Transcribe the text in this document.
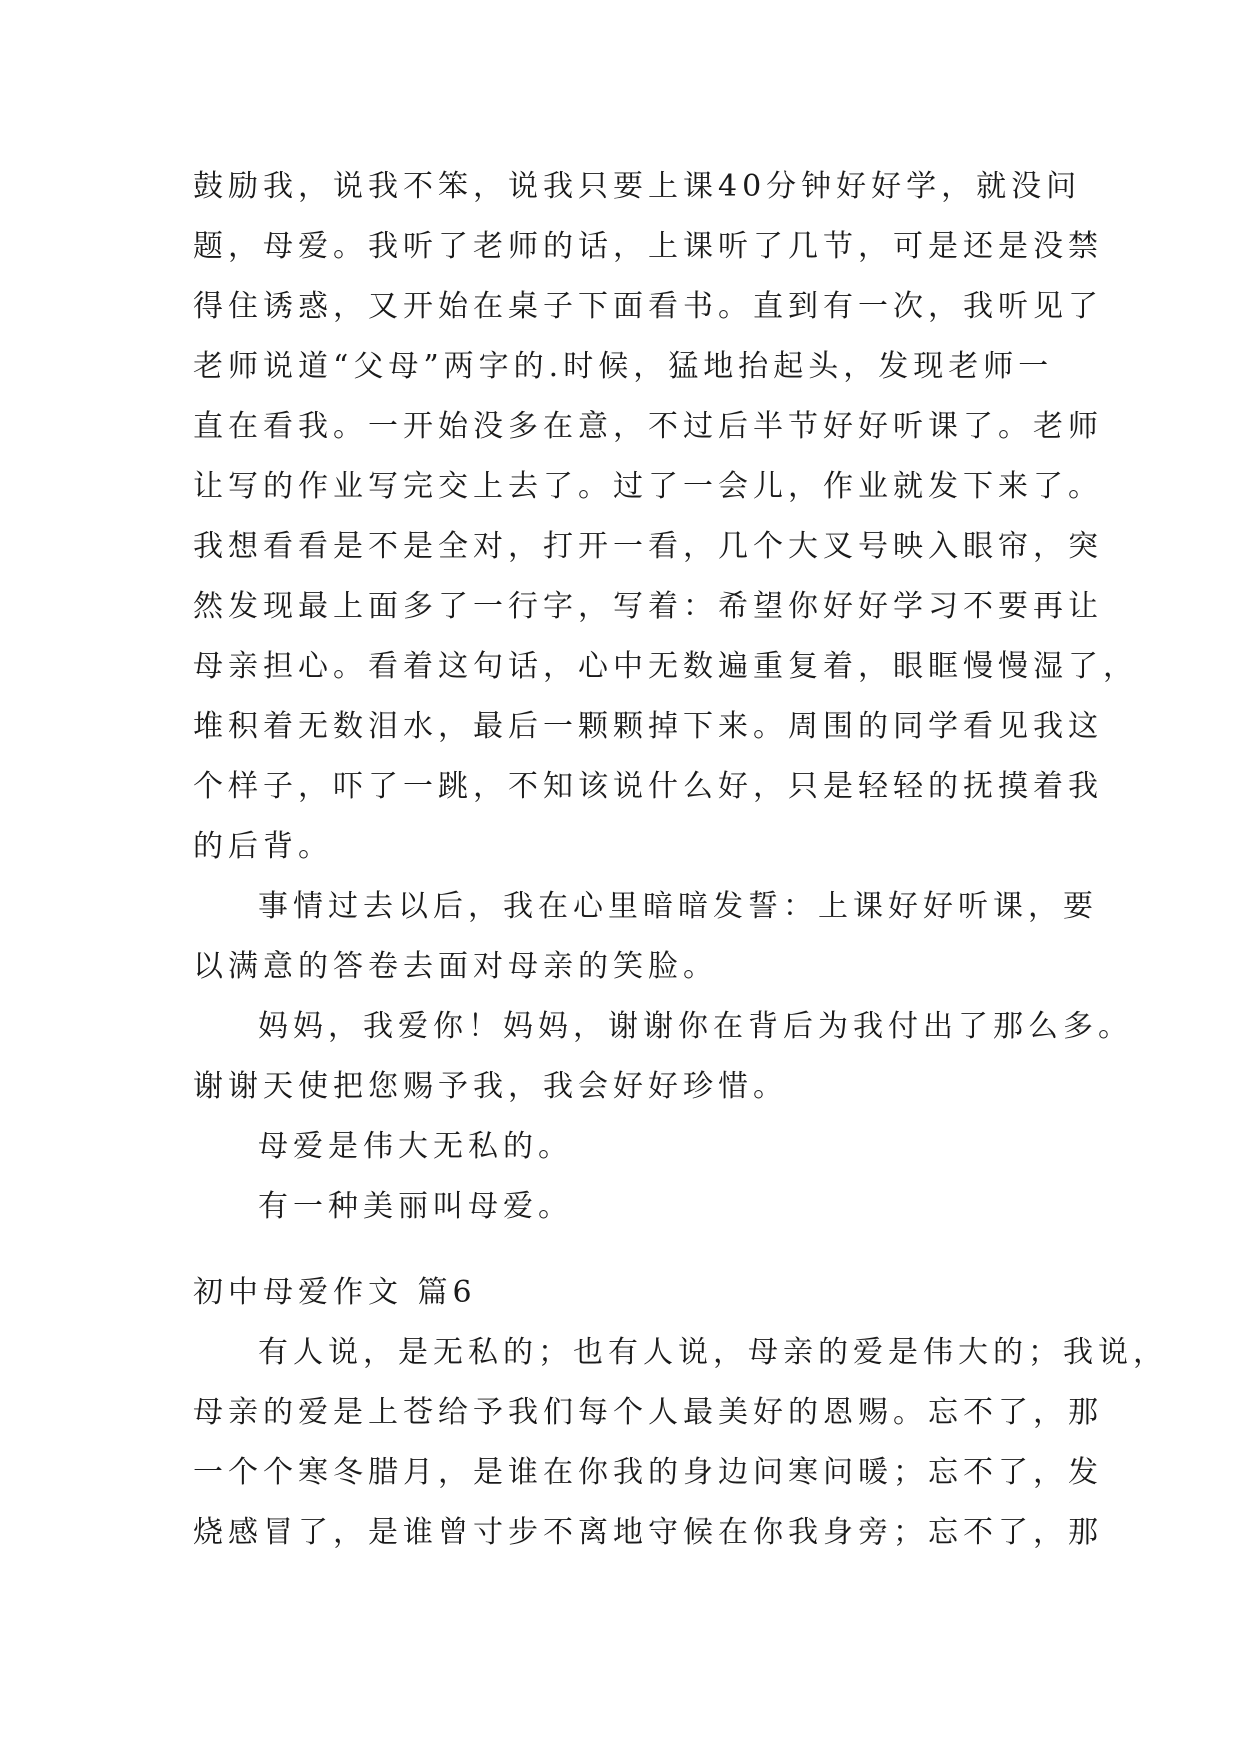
鼓励我，说我不笨，说我只要上课40分钟好好学，就没问
题，母爱。我听了老师的话，上课听了几节，可是还是没禁
得住诱惑，又开始在桌子下面看书。直到有一次，我听见了
老师说道“父母”两字的.时候，猛地抬起头，发现老师一
直在看我。一开始没多在意，不过后半节好好听课了。老师
让写的作业写完交上去了。过了一会儿，作业就发下来了。
我想看看是不是全对，打开一看，几个大叉号映入眼帘，突
然发现最上面多了一行字，写着：希望你好好学习不要再让
母亲担心。看着这句话，心中无数遍重复着，眼眶慢慢湿了，
堆积着无数泪水，最后一颗颗掉下来。周围的同学看见我这
个样子，吓了一跳，不知该说什么好，只是轻轻的抚摸着我
的后背。
事情过去以后，我在心里暗暗发誓：上课好好听课，要
以满意的答卷去面对母亲的笑脸。
妈妈，我爱你！妈妈，谢谢你在背后为我付出了那么多。
谢谢天使把您赐予我，我会好好珍惜。
母爱是伟大无私的。
有一种美丽叫母爱。
初中母爱作文 篇6
有人说，是无私的；也有人说，母亲的爱是伟大的；我说，
母亲的爱是上苍给予我们每个人最美好的恩赐。忘不了，那
一个个寒冬腊月，是谁在你我的身边问寒问暖；忘不了，发
烧感冒了，是谁曾寸步不离地守候在你我身旁；忘不了，那
